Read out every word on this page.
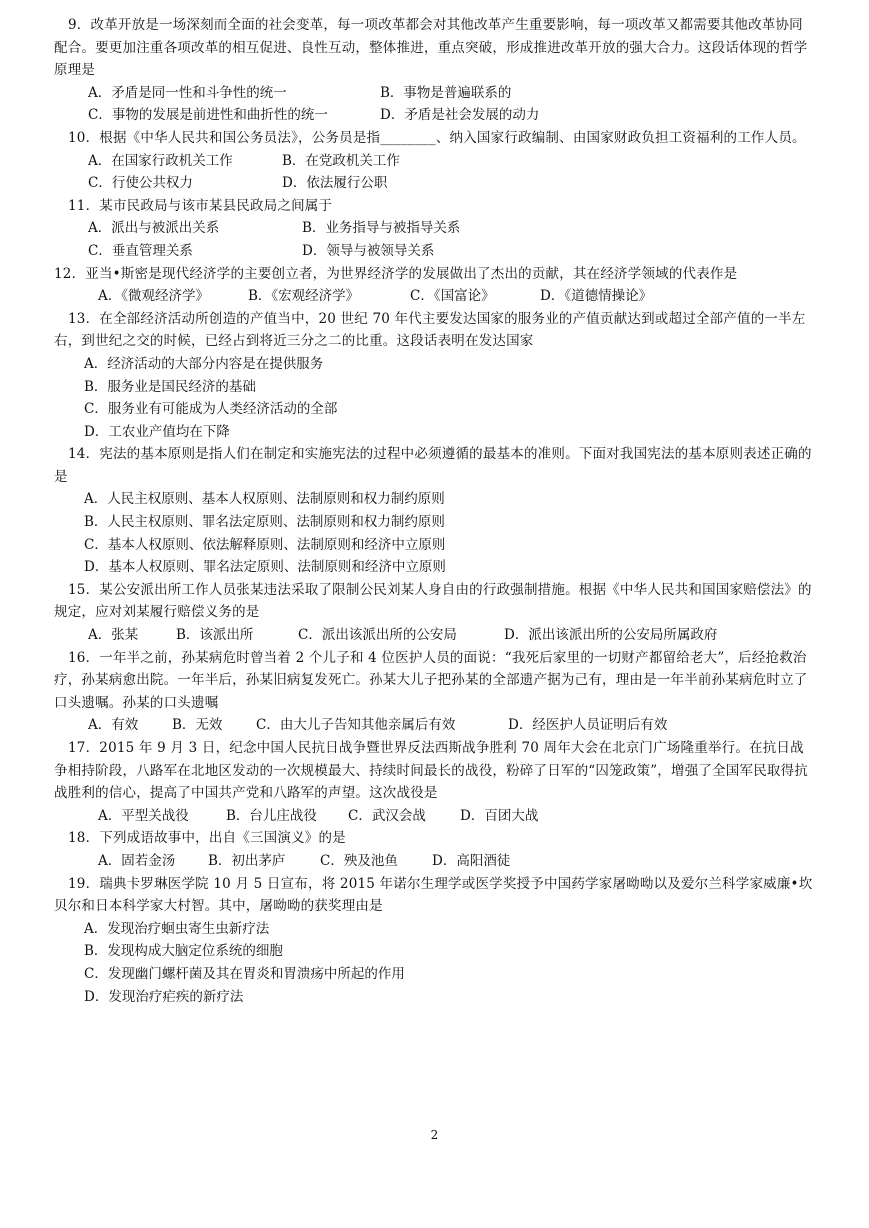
9．改革开放是一场深刻而全面的社会变革，每一项改革都会对其他改革产生重要影响，每一项改革又都需要其他改革协同配合。要更加注重各项改革的相互促进、良性互动，整体推进，重点突破，形成推进改革开放的强大合力。这段话体现的哲学原理是

A．矛盾是同一性和斗争性的统一	B．事物是普遍联系的
C．事物的发展是前进性和曲折性的统一	D．矛盾是社会发展的动力

10．根据《中华人民共和国公务员法》，公务员是指________、纳入国家行政编制、由国家财政负担工资福利的工作人员。

A．在国家行政机关工作	B．在党政机关工作
C．行使公共权力	D．依法履行公职

11．某市民政局与该市某县民政局之间属于

A．派出与被派出关系	B．业务指导与被指导关系
C．垂直管理关系	D．领导与被领导关系

12．亚当•斯密是现代经济学的主要创立者，为世界经济学的发展做出了杰出的贡献，其在经济学领域的代表作是

A．《微观经济学》	B．《宏观经济学》	C．《国富论》	D．《道德情操论》

13．在全部经济活动所创造的产值当中，20 世纪 70 年代主要发达国家的服务业的产值贡献达到或超过全部产值的一半左右，到世纪之交的时候，已经占到将近三分之二的比重。这段话表明在发达国家

A．经济活动的大部分内容是在提供服务

B．服务业是国民经济的基础

C．服务业有可能成为人类经济活动的全部

D．工农业产值均在下降

14．宪法的基本原则是指人们在制定和实施宪法的过程中必须遵循的最基本的准则。下面对我国宪法的基本原则表述正确的是

A．人民主权原则、基本人权原则、法制原则和权力制约原则

B．人民主权原则、罪名法定原则、法制原则和权力制约原则

C．基本人权原则、依法解释原则、法制原则和经济中立原则

D．基本人权原则、罪名法定原则、法制原则和经济中立原则

15．某公安派出所工作人员张某违法采取了限制公民刘某人身自由的行政强制措施。根据《中华人民共和国国家赔偿法》的规定，应对刘某履行赔偿义务的是

A．张某	B．该派出所	C．派出该派出所的公安局	D．派出该派出所的公安局所属政府

16．一年半之前，孙某病危时曾当着 2 个儿子和 4 位医护人员的面说：“我死后家里的一切财产都留给老大”，后经抢救治疗，孙某病愈出院。一年半后，孙某旧病复发死亡。孙某大儿子把孙某的全部遗产据为己有，理由是一年半前孙某病危时立了口头遗嘱。孙某的口头遗嘱

A．有效	B．无效	C．由大儿子告知其他亲属后有效	D．经医护人员证明后有效

17．2015 年 9 月 3 日，纪念中国人民抗日战争暨世界反法西斯战争胜利 70 周年大会在北京门广场隆重举行。在抗日战争相持阶段，八路军在北地区发动的一次规模最大、持续时间最长的战役，粉碎了日军的“囚笼政策”，增强了全国军民取得抗战胜利的信心，提高了中国共产党和八路军的声望。这次战役是

A．平型关战役	B．台儿庄战役	C．武汉会战	D．百团大战

18．下列成语故事中，出自《三国演义》的是

A．固若金汤	B．初出茅庐	C．殃及池鱼	D．高阳酒徒

19．瑞典卡罗琳医学院 10 月 5 日宣布，将 2015 年诺尔生理学或医学奖授予中国药学家屠呦呦以及爱尔兰科学家威廉•坎贝尔和日本科学家大村智。其中，屠呦呦的获奖理由是

A．发现治疗蛔虫寄生虫新疗法

B．发现构成大脑定位系统的细胞

C．发现幽门螺杆菌及其在胃炎和胃溃疡中所起的作用

D．发现治疗疟疾的新疗法

2
